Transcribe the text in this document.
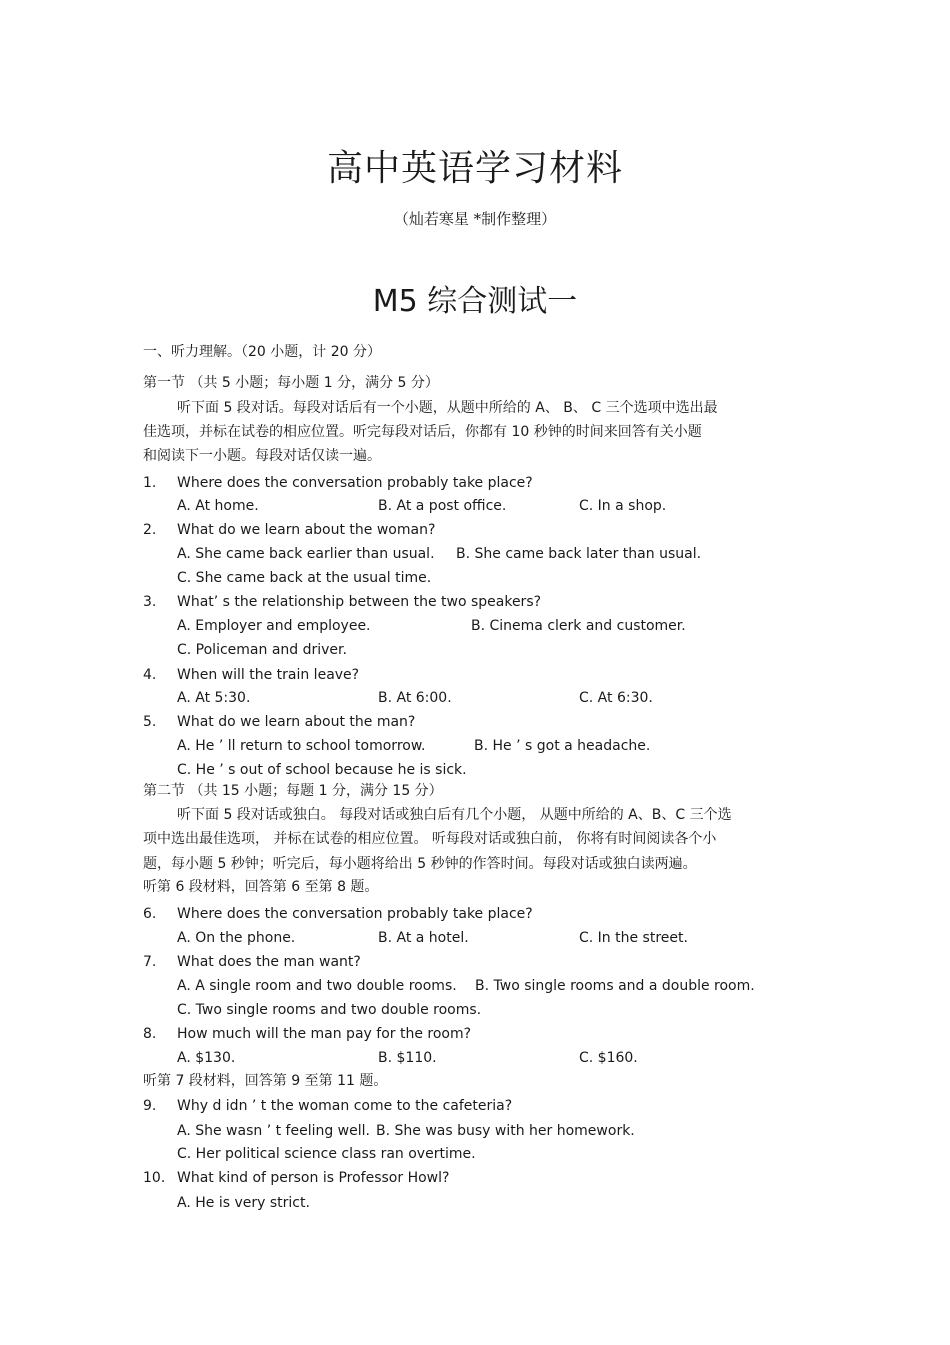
高中英语学习材料
（灿若寒星 *制作整理）
M5 综合测试一
一、听力理解。（20 小题，计 20 分）
第一节 （共 5 小题；每小题 1 分，满分 5 分）
听下面 5 段对话。每段对话后有一个小题，从题中所给的 A、 B、 C 三个选项中选出最
佳选项，并标在试卷的相应位置。听完每段对话后，你都有 10 秒钟的时间来回答有关小题
和阅读下一小题。每段对话仅读一遍。
1. Where does the conversation probably take place?
A. At home.	B. At a post office.	C. In a shop.
2. What do we learn about the woman?
A. She came back earlier than usual. B. She came back later than usual.
C. She came back at the usual time.
3. What’ s the relationship between the two speakers?
A. Employer and employee.	B. Cinema clerk and customer.
C. Policeman and driver.
4. When will the train leave?
A. At 5:30.	B. At 6:00.	C. At 6:30.
5. What do we learn about the man?
A. He ’ ll return to school tomorrow.	B. He ’ s got a headache.
C. He ’ s out of school because he is sick.
第二节 （共 15 小题；每题 1 分，满分 15 分）
听下面 5 段对话或独白。 每段对话或独白后有几个小题， 从题中所给的 A、B、C 三个选
项中选出最佳选项， 并标在试卷的相应位置。 听每段对话或独白前， 你将有时间阅读各个小
题，每小题 5 秒钟；听完后，每小题将给出 5 秒钟的作答时间。每段对话或独白读两遍。
听第 6 段材料，回答第 6 至第 8 题。
6. Where does the conversation probably take place?
A. On the phone.	B. At a hotel.	C. In the street.
7. What does the man want?
A. A single room and two double rooms. B. Two single rooms and a double room.
C. Two single rooms and two double rooms.
8. How much will the man pay for the room?
A. $130.	B. $110.	C. $160.
听第 7 段材料，回答第 9 至第 11 题。
9. Why d idn ’ t the woman come to the cafeteria?
A. She wasn ’ t feeling well. B. She was busy with her homework.
C. Her political science class ran overtime.
10. What kind of person is Professor Howl?
A. He is very strict.
